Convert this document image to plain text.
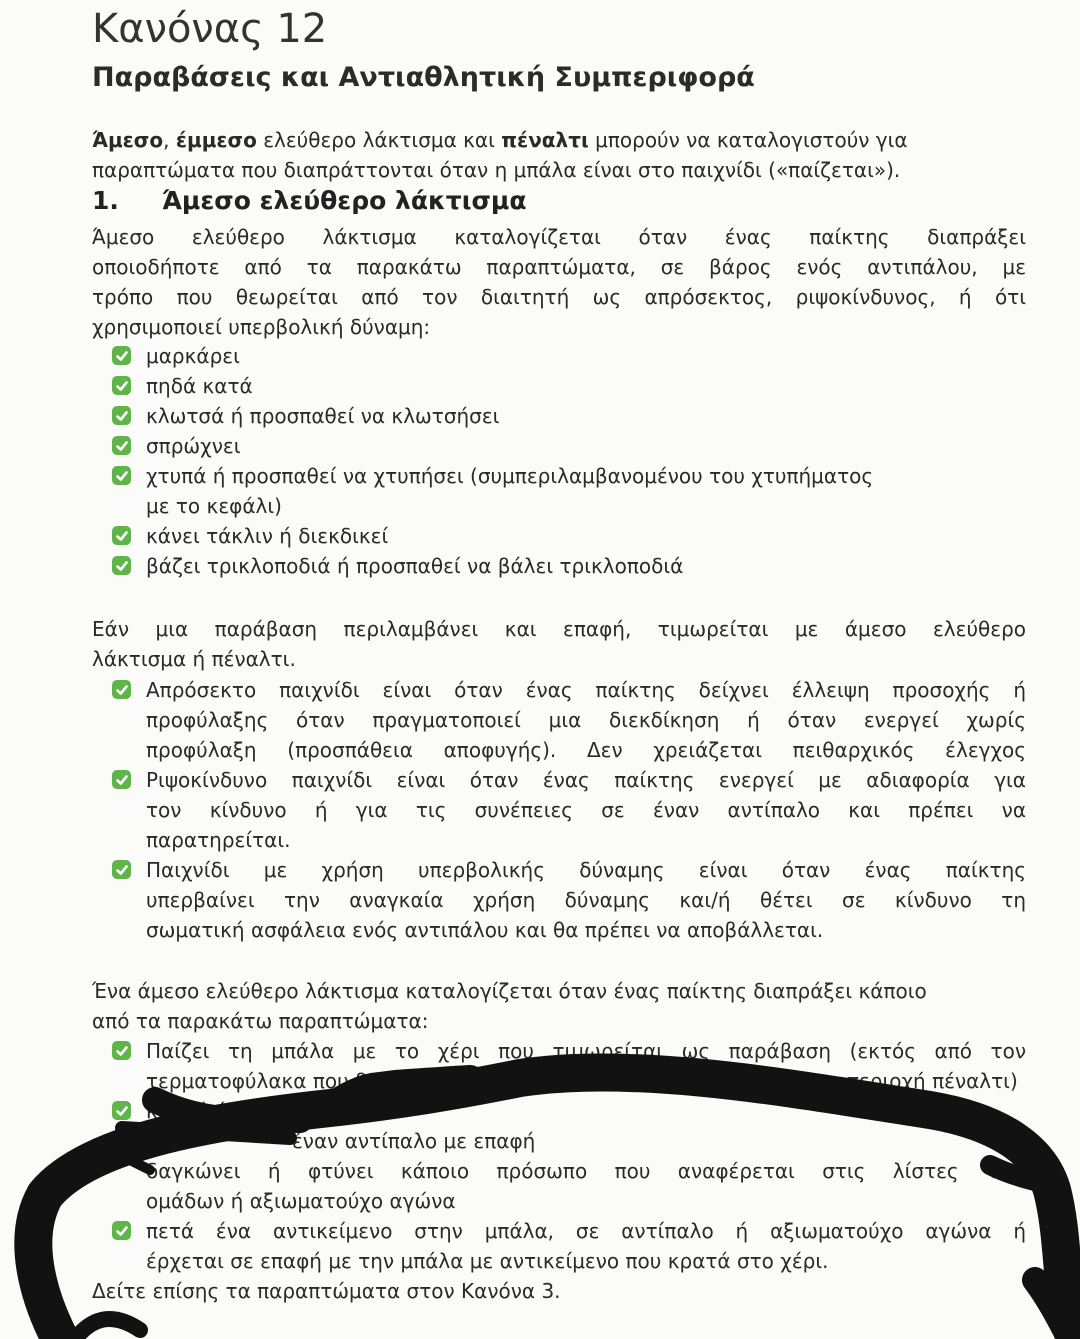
Κανόνας 12
Παραβάσεις και Αντιαθλητική Συμπεριφορά
Άμεσο, έμμεσο ελεύθερο λάκτισμα και πέναλτι μπορούν να καταλογιστούν για
παραπτώματα που διαπράττονται όταν η μπάλα είναι στο παιχνίδι («παίζεται»).
1. Άμεσο ελεύθερο λάκτισμα
Άμεσο ελεύθερο λάκτισμα καταλογίζεται όταν ένας παίκτης διαπράξει
οποιοδήποτε από τα παρακάτω παραπτώματα, σε βάρος ενός αντιπάλου, με
τρόπο που θεωρείται από τον διαιτητή ως απρόσεκτος, ριψοκίνδυνος, ή ότι
χρησιμοποιεί υπερβολική δύναμη:
μαρκάρει
πηδά κατά
κλωτσά ή προσπαθεί να κλωτσήσει
σπρώχνει
χτυπά ή προσπαθεί να χτυπήσει (συμπεριλαμβανομένου του χτυπήματος
με το κεφάλι)
κάνει τάκλιν ή διεκδικεί
βάζει τρικλοποδιά ή προσπαθεί να βάλει τρικλοποδιά
Εάν μια παράβαση περιλαμβάνει και επαφή, τιμωρείται με άμεσο ελεύθερο
λάκτισμα ή πέναλτι.
Απρόσεκτο παιχνίδι είναι όταν ένας παίκτης δείχνει έλλειψη προσοχής ή
προφύλαξης όταν πραγματοποιεί μια διεκδίκηση ή όταν ενεργεί χωρίς
προφύλαξη (προσπάθεια αποφυγής). Δεν χρειάζεται πειθαρχικός έλεγχος
Ριψοκίνδυνο παιχνίδι είναι όταν ένας παίκτης ενεργεί με αδιαφορία για
τον κίνδυνο ή για τις συνέπειες σε έναν αντίπαλο και πρέπει να
παρατηρείται.
Παιχνίδι με χρήση υπερβολικής δύναμης είναι όταν ένας παίκτης
υπερβαίνει την αναγκαία χρήση δύναμης και/ή θέτει σε κίνδυνο τη
σωματική ασφάλεια ενός αντιπάλου και θα πρέπει να αποβάλλεται.
Ένα άμεσο ελεύθερο λάκτισμα καταλογίζεται όταν ένας παίκτης διαπράξει κάποιο
από τα παρακάτω παραπτώματα:
Παίζει τη μπάλα με το χέρι που τιμωρείται ως παράβαση (εκτός από τον
τερματοφύλακα που βρίσκεται	στην δική του περιοχή πέναλτι)
κρατά έ
έναν αντίπαλο με επαφή
δαγκώνει ή φτύνει κάποιο πρόσωπο που αναφέρεται στις λίστες των
ομάδων ή αξιωματούχο αγώνα
πετά ένα αντικείμενο στην μπάλα, σε αντίπαλο ή αξιωματούχο αγώνα ή
έρχεται σε επαφή με την μπάλα με αντικείμενο που κρατά στο χέρι.
Δείτε επίσης τα παραπτώματα στον Κανόνα 3.
